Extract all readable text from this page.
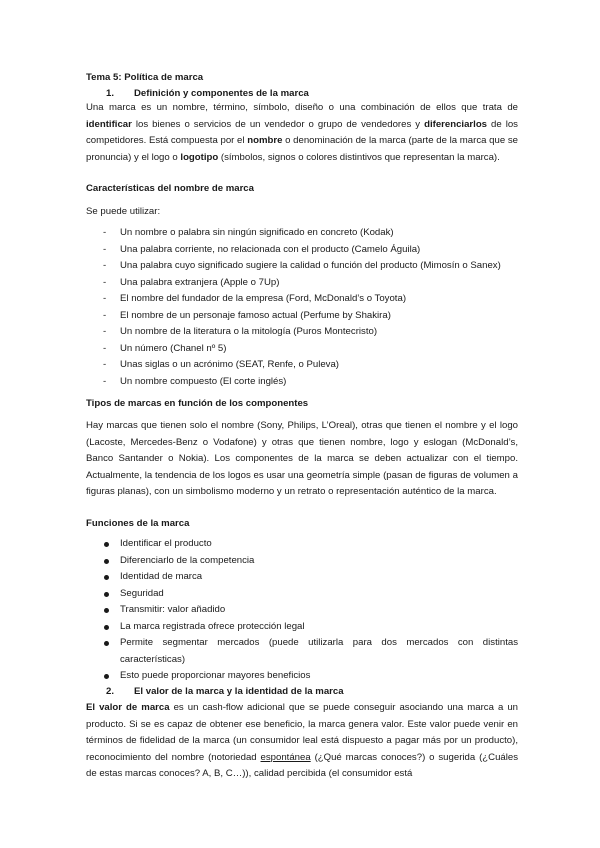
Tema 5: Política de marca
1. Definición y componentes de la marca
Una marca es un nombre, término, símbolo, diseño o una combinación de ellos que trata de identificar los bienes o servicios de un vendedor o grupo de vendedores y diferenciarlos de los competidores. Está compuesta por el nombre o denominación de la marca (parte de la marca que se pronuncia) y el logo o logotipo (símbolos, signos o colores distintivos que representan la marca).
Características del nombre de marca
Se puede utilizar:
- Un nombre o palabra sin ningún significado en concreto (Kodak)
- Una palabra corriente, no relacionada con el producto (Camelo Águila)
- Una palabra cuyo significado sugiere la calidad o función del producto (Mimosín o Sanex)
- Una palabra extranjera (Apple o 7Up)
- El nombre del fundador de la empresa (Ford, McDonald’s o Toyota)
- El nombre de un personaje famoso actual (Perfume by Shakira)
- Un nombre de la literatura o la mitología (Puros Montecristo)
- Un número (Chanel nº 5)
- Unas siglas o un acrónimo (SEAT, Renfe, o Puleva)
- Un nombre compuesto (El corte inglés)
Tipos de marcas en función de los componentes
Hay marcas que tienen solo el nombre (Sony, Philips, L’Oreal), otras que tienen el nombre y el logo (Lacoste, Mercedes-Benz o Vodafone) y otras que tienen nombre, logo y eslogan (McDonald’s, Banco Santander o Nokia). Los componentes de la marca se deben actualizar con el tiempo. Actualmente, la tendencia de los logos es usar una geometría simple (pasan de figuras de volumen a figuras planas), con un simbolismo moderno y un retrato o representación auténtico de la marca.
Funciones de la marca
Identificar el producto
Diferenciarlo de la competencia
Identidad de marca
Seguridad
Transmitir: valor añadido
La marca registrada ofrece protección legal
Permite segmentar mercados (puede utilizarla para dos mercados con distintas características)
Esto puede proporcionar mayores beneficios
2. El valor de la marca y la identidad de la marca
El valor de marca es un cash-flow adicional que se puede conseguir asociando una marca a un producto. Si se es capaz de obtener ese beneficio, la marca genera valor. Este valor puede venir en términos de fidelidad de la marca (un consumidor leal está dispuesto a pagar más por un producto), reconocimiento del nombre (notoriedad espontánea (¿Qué marcas conoces?) o sugerida (¿Cuáles de estas marcas conoces? A, B, C…)), calidad percibida (el consumidor está
